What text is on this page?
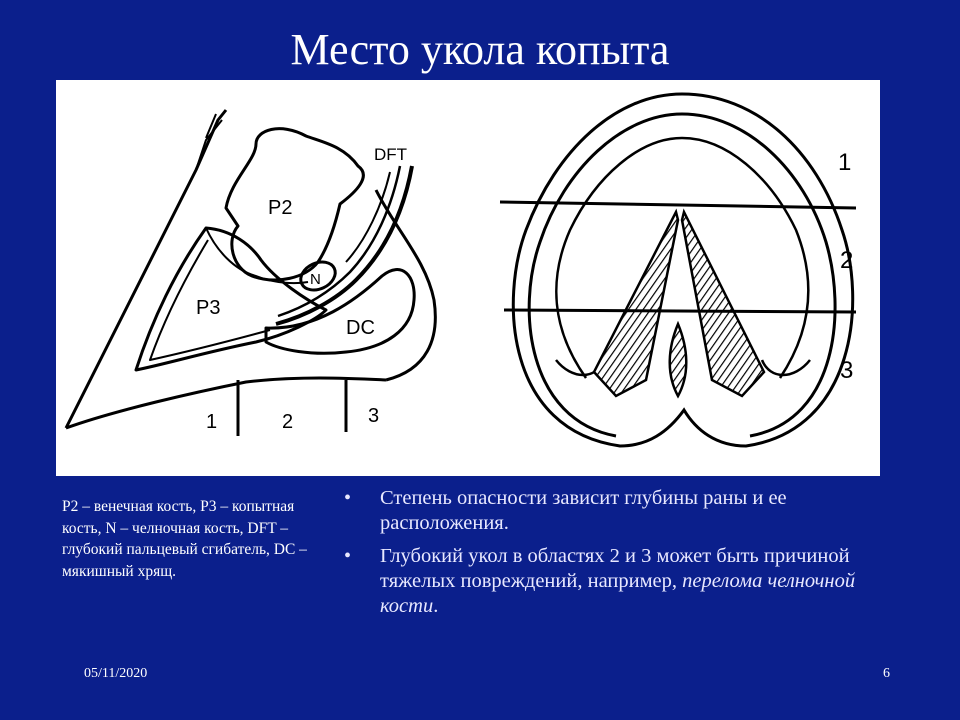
Место укола копыта
P2
P3
N
DFT
DC
1	2	3
1
2
3
P2 – венечная кость, P3 – копытная кость, N – челночная кость, DFT – глубокий пальцевый сгибатель, DC – мякишный хрящ.
• Степень опасности зависит глубины раны и ее расположения.
• Глубокий укол в областях 2 и 3 может быть причиной тяжелых повреждений, например, перелома челночной кости.
05/11/2020	6
